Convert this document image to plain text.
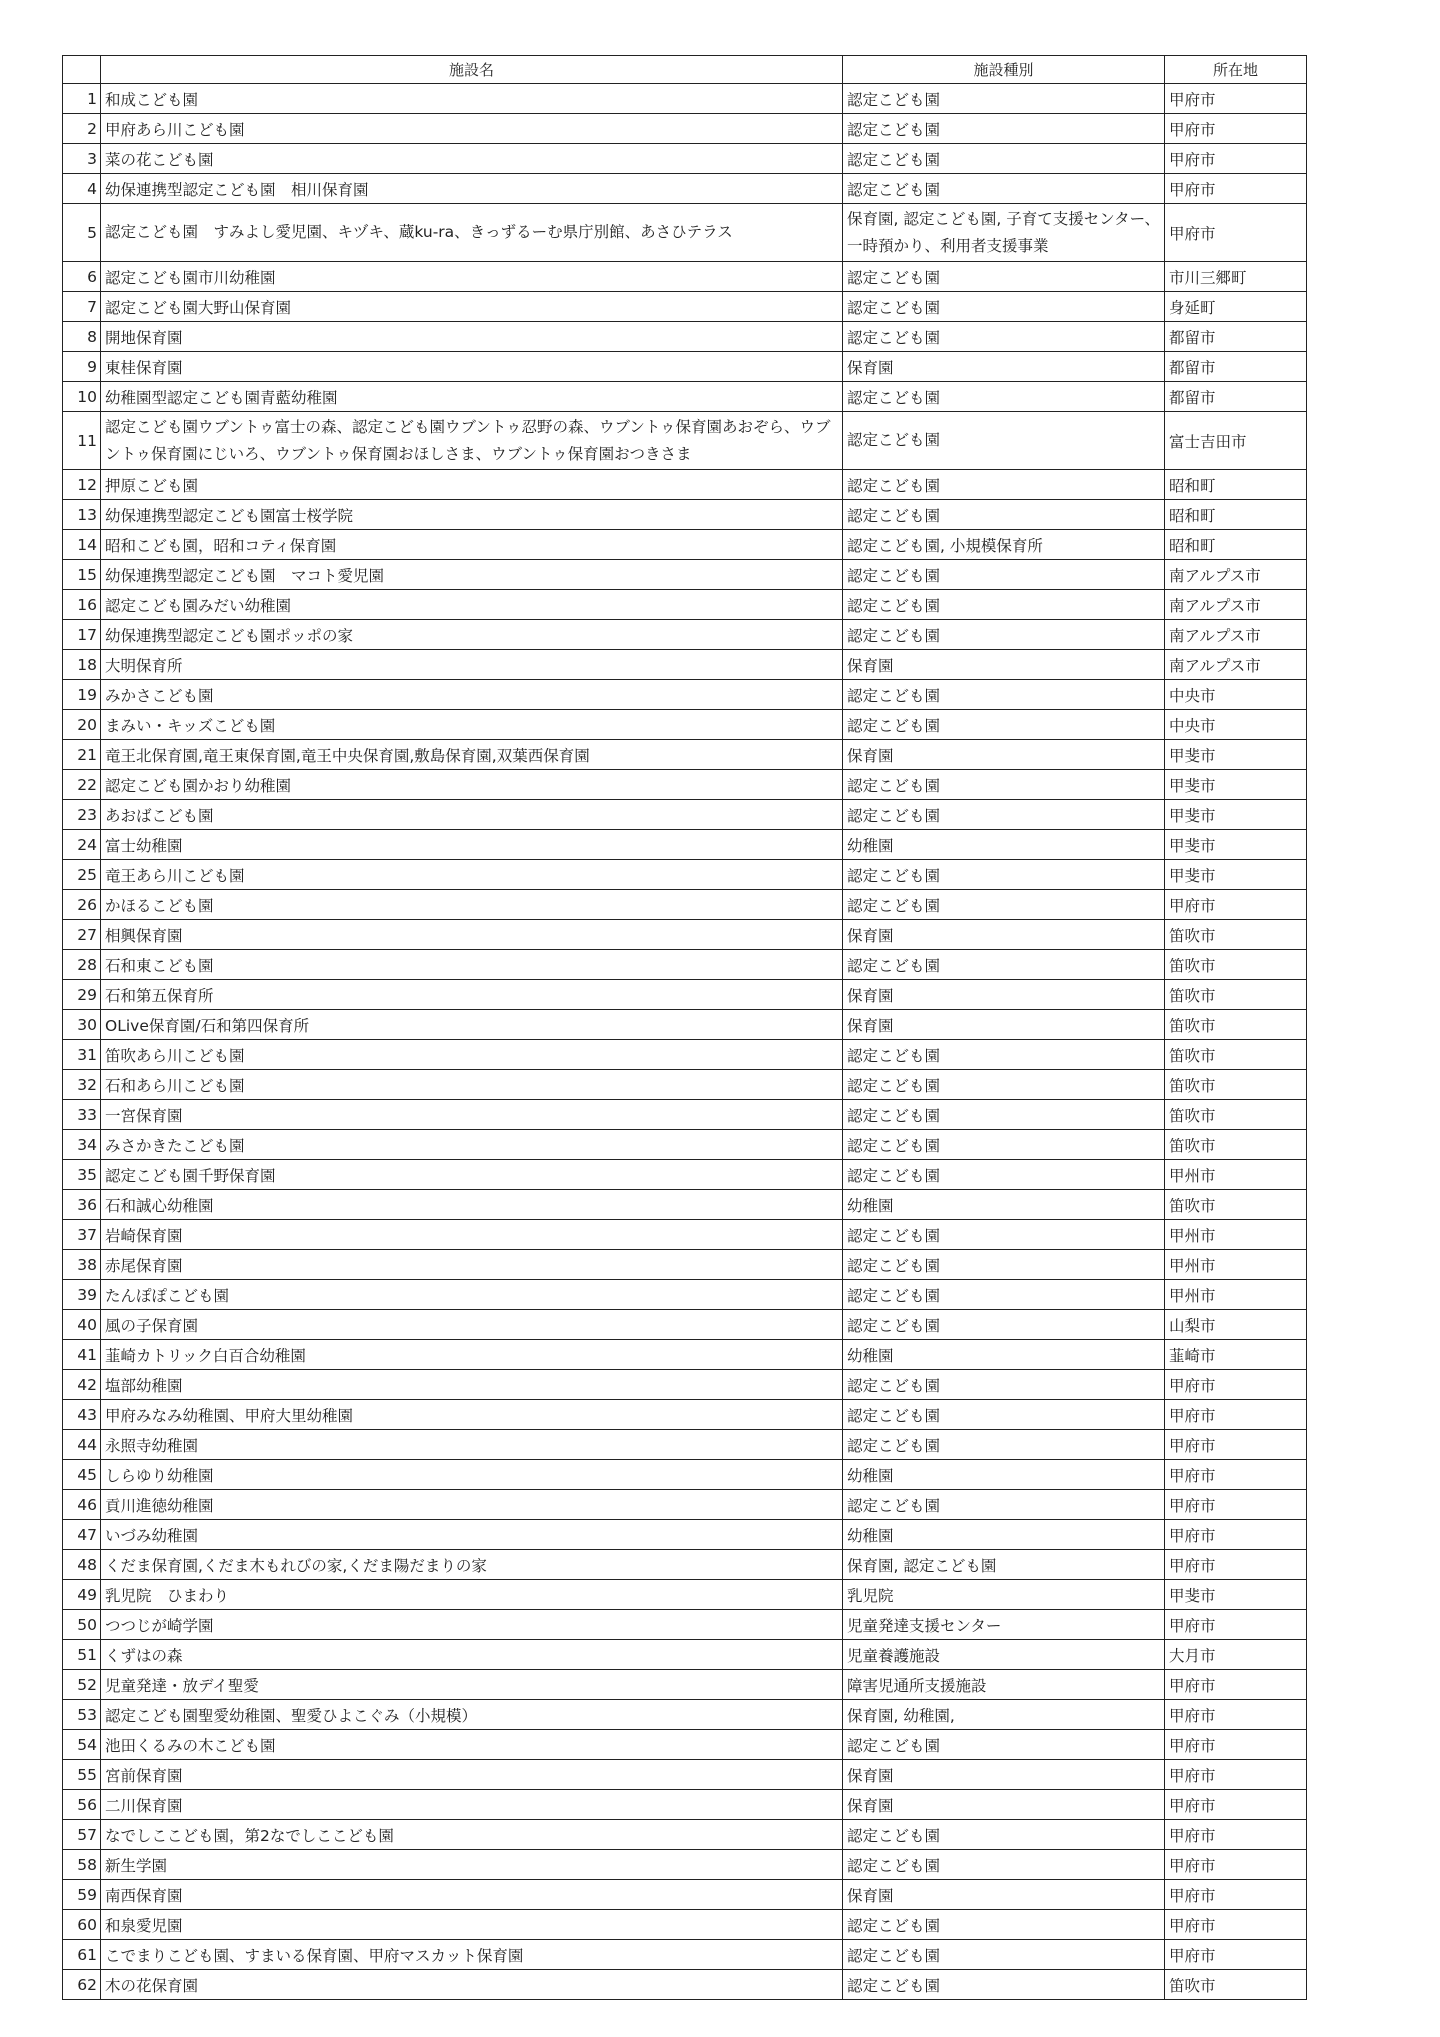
	施設名	施設種別	所在地
1	和成こども園	認定こども園	甲府市
2	甲府あら川こども園	認定こども園	甲府市
3	菜の花こども園	認定こども園	甲府市
4	幼保連携型認定こども園　相川保育園	認定こども園	甲府市
5	認定こども園　すみよし愛児園、キヅキ、蔵ku-ra、きっずるーむ県庁別館、あさひテラス	保育園, 認定こども園, 子育て支援センター、一時預かり、利用者支援事業	甲府市
6	認定こども園市川幼稚園	認定こども園	市川三郷町
7	認定こども園大野山保育園	認定こども園	身延町
8	開地保育園	認定こども園	都留市
9	東桂保育園	保育園	都留市
10	幼稚園型認定こども園青藍幼稚園	認定こども園	都留市
11	認定こども園ウブントゥ富士の森、認定こども園ウブントゥ忍野の森、ウブントゥ保育園あおぞら、ウブントゥ保育園にじいろ、ウブントゥ保育園おほしさま、ウブントゥ保育園おつきさま	認定こども園	富士吉田市
12	押原こども園	認定こども園	昭和町
13	幼保連携型認定こども園富士桜学院	認定こども園	昭和町
14	昭和こども園，昭和コティ保育園	認定こども園, 小規模保育所	昭和町
15	幼保連携型認定こども園　マコト愛児園	認定こども園	南アルプス市
16	認定こども園みだい幼稚園	認定こども園	南アルプス市
17	幼保連携型認定こども園ポッポの家	認定こども園	南アルプス市
18	大明保育所	保育園	南アルプス市
19	みかさこども園	認定こども園	中央市
20	まみい・キッズこども園	認定こども園	中央市
21	竜王北保育園,竜王東保育園,竜王中央保育園,敷島保育園,双葉西保育園	保育園	甲斐市
22	認定こども園かおり幼稚園	認定こども園	甲斐市
23	あおばこども園	認定こども園	甲斐市
24	富士幼稚園	幼稚園	甲斐市
25	竜王あら川こども園	認定こども園	甲斐市
26	かほるこども園	認定こども園	甲府市
27	相興保育園	保育園	笛吹市
28	石和東こども園	認定こども園	笛吹市
29	石和第五保育所	保育園	笛吹市
30	OLive保育園/石和第四保育所	保育園	笛吹市
31	笛吹あら川こども園	認定こども園	笛吹市
32	石和あら川こども園	認定こども園	笛吹市
33	一宮保育園	認定こども園	笛吹市
34	みさかきたこども園	認定こども園	笛吹市
35	認定こども園千野保育園	認定こども園	甲州市
36	石和誠心幼稚園	幼稚園	笛吹市
37	岩崎保育園	認定こども園	甲州市
38	赤尾保育園	認定こども園	甲州市
39	たんぽぽこども園	認定こども園	甲州市
40	風の子保育園	認定こども園	山梨市
41	韮崎カトリック白百合幼稚園	幼稚園	韮崎市
42	塩部幼稚園	認定こども園	甲府市
43	甲府みなみ幼稚園、甲府大里幼稚園	認定こども園	甲府市
44	永照寺幼稚園	認定こども園	甲府市
45	しらゆり幼稚園	幼稚園	甲府市
46	貢川進徳幼稚園	認定こども園	甲府市
47	いづみ幼稚園	幼稚園	甲府市
48	くだま保育園,くだま木もれびの家,くだま陽だまりの家	保育園, 認定こども園	甲府市
49	乳児院　ひまわり	乳児院	甲斐市
50	つつじが崎学園	児童発達支援センター	甲府市
51	くずはの森	児童養護施設	大月市
52	児童発達・放デイ聖愛	障害児通所支援施設	甲府市
53	認定こども園聖愛幼稚園、聖愛ひよこぐみ（小規模）	保育園, 幼稚園,	甲府市
54	池田くるみの木こども園	認定こども園	甲府市
55	宮前保育園	保育園	甲府市
56	二川保育園	保育園	甲府市
57	なでしここども園，第2なでしここども園	認定こども園	甲府市
58	新生学園	認定こども園	甲府市
59	南西保育園	保育園	甲府市
60	和泉愛児園	認定こども園	甲府市
61	こでまりこども園、すまいる保育園、甲府マスカット保育園	認定こども園	甲府市
62	木の花保育園	認定こども園	笛吹市
